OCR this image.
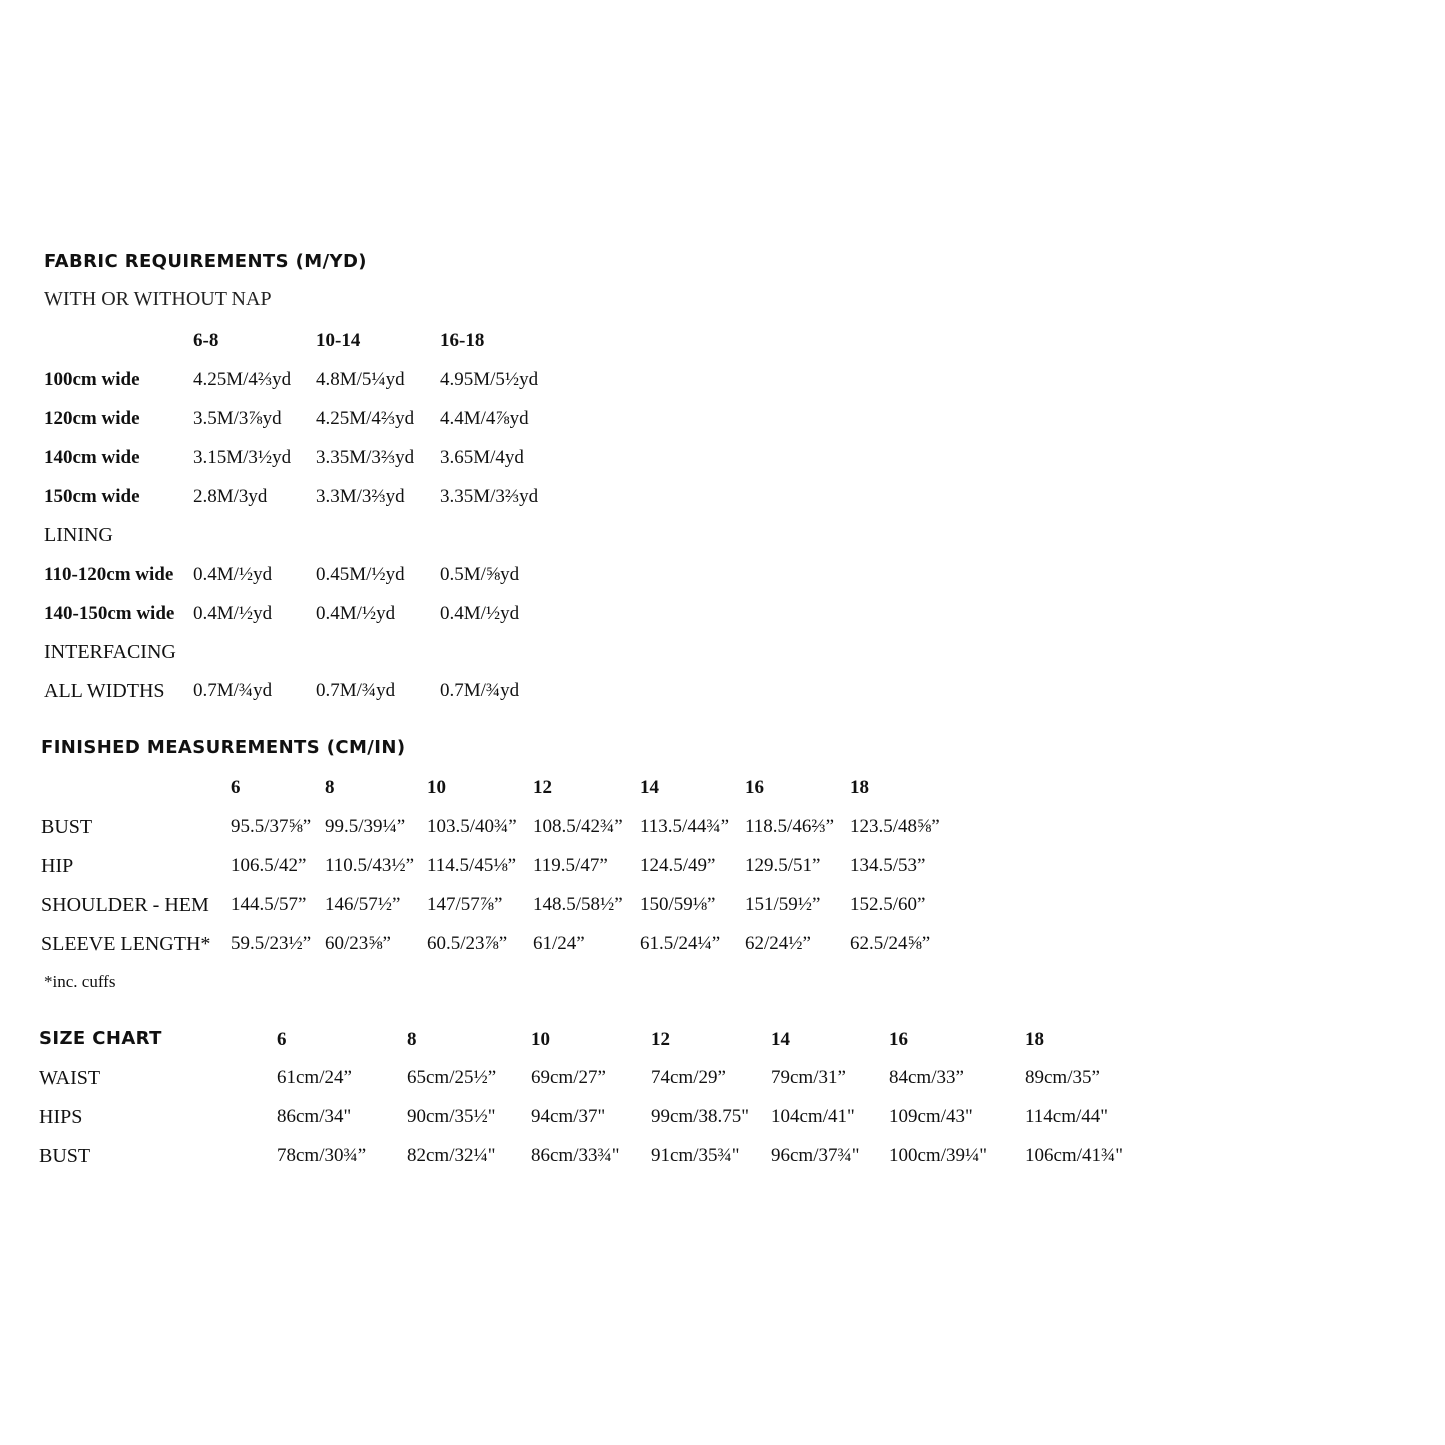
FABRIC REQUIREMENTS (M/YD)
WITH OR WITHOUT NAP
6-8	10-14	16-18
100cm wide	4.25M/4⅔yd 4.8M/5¼yd 4.95M/5½yd
120cm wide	3.5M/3⅞yd 4.25M/4⅔yd 4.4M/4⅞yd
140cm wide	3.15M/3½yd 3.35M/3⅔yd 3.65M/4yd
150cm wide	2.8M/3yd	3.3M/3⅔yd 3.35M/3⅔yd
LINING
110-120cm wide 0.4M/½yd 0.45M/½yd 0.5M/⅝yd
140-150cm wide 0.4M/½yd 0.4M/½yd 0.4M/½yd
INTERFACING
ALL WIDTHS 0.7M/¾yd 0.7M/¾yd 0.7M/¾yd
FINISHED MEASUREMENTS (CM/IN)
6	8	10	12	14	16	18
BUST	95.5/37⅝” 99.5/39¼” 103.5/40¾” 108.5/42¾” 113.5/44¾” 118.5/46⅔” 123.5/48⅝”
HIP	106.5/42” 110.5/43½” 114.5/45⅛” 119.5/47” 124.5/49” 129.5/51” 134.5/53”
SHOULDER - HEM 144.5/57” 146/57½” 147/57⅞” 148.5/58½” 150/59⅛” 151/59½” 152.5/60”
SLEEVE LENGTH* 59.5/23½” 60/23⅝” 60.5/23⅞” 61/24”	61.5/24¼” 62/24½” 62.5/24⅝”
*inc. cuffs
SIZE CHART	6	8	10	12	14	16	18
WAIST	61cm/24”	65cm/25½” 69cm/27” 74cm/29” 79cm/31” 84cm/33”	89cm/35”
HIPS	86cm/34"	90cm/35½" 94cm/37" 99cm/38.75" 104cm/41" 109cm/43"	114cm/44"
BUST	78cm/30¾” 82cm/32¼" 86cm/33¾" 91cm/35¾" 96cm/37¾" 100cm/39¼" 106cm/41¾"
